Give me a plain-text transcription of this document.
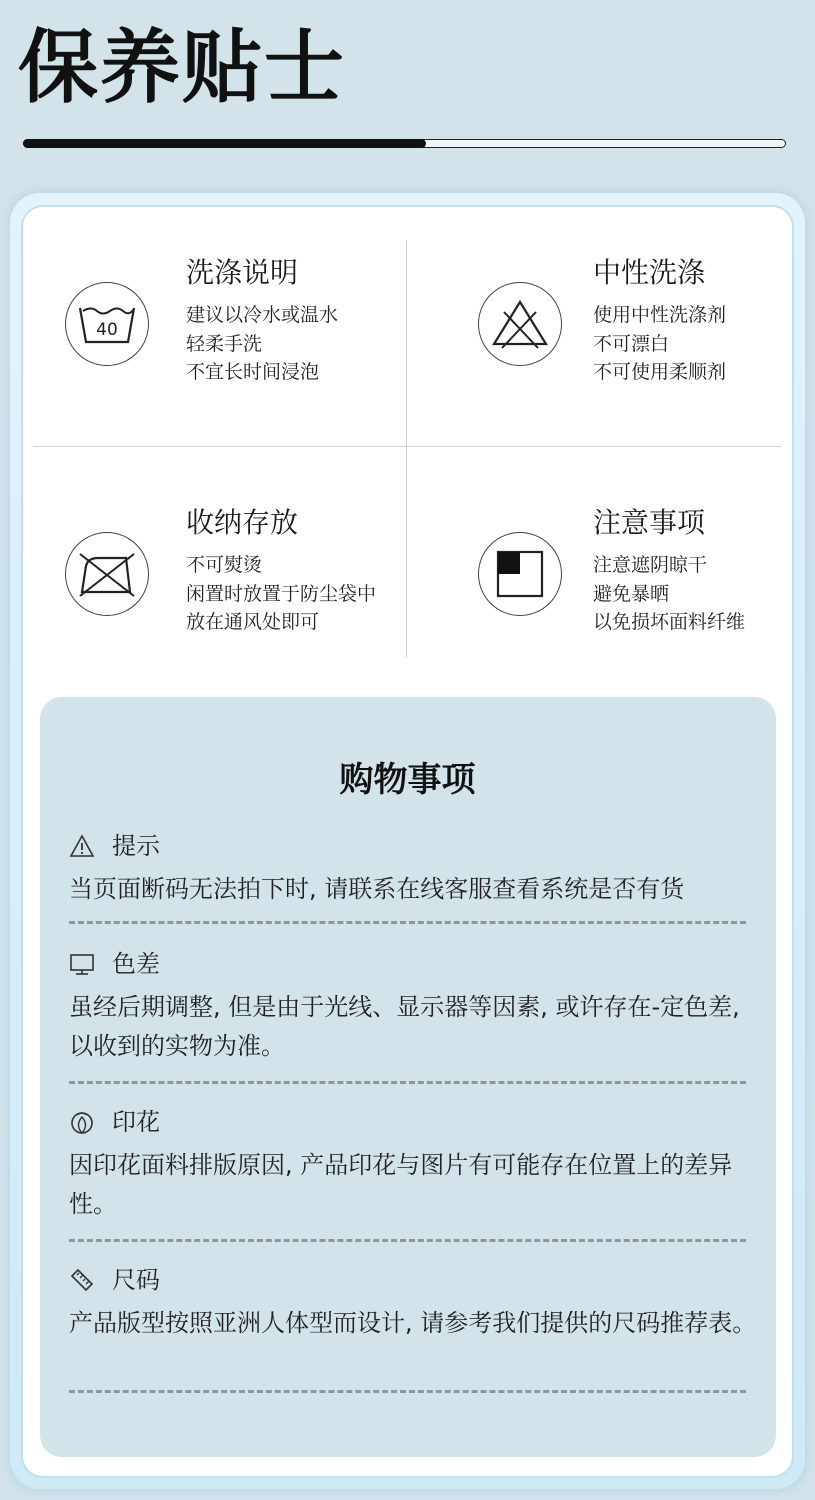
保养贴士
40
洗涤说明
建议以冷水或温水
轻柔手洗
不宜长时间浸泡
中性洗涤
使用中性洗涤剂
不可漂白
不可使用柔顺剂
收纳存放
不可熨烫
闲置时放置于防尘袋中
放在通风处即可
注意事项
注意遮阴晾干
避免暴晒
以免损坏面料纤维
购物事项
提示
当页面断码无法拍下时, 请联系在线客服查看系统是否有货
色差
虽经后期调整, 但是由于光线、显示器等因素, 或许存在-定色差, 以收到的实物为准。
印花
因印花面料排版原因, 产品印花与图片有可能存在位置上的差异性。
尺码
产品版型按照亚洲人体型而设计, 请参考我们提供的尺码推荐表。
